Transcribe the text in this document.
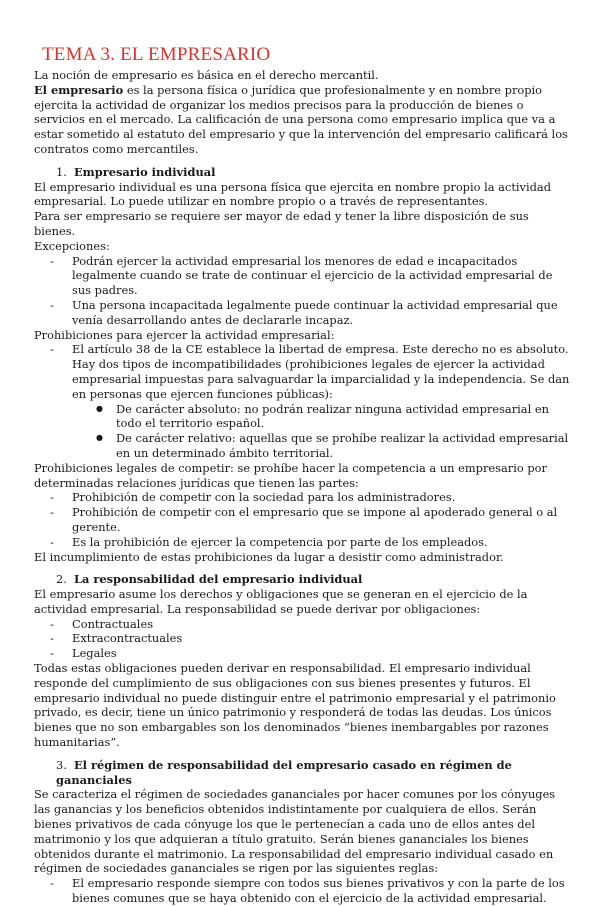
TEMA 3. EL EMPRESARIO

La noción de empresario es básica en el derecho mercantil.

El empresario es la persona física o jurídica que profesionalmente y en nombre propio ejercita la actividad de organizar los medios precisos para la producción de bienes o servicios en el mercado. La calificación de una persona como empresario implica que va a estar sometido al estatuto del empresario y que la intervención del empresario calificará los contratos como mercantiles.

1. Empresario individual

El empresario individual es una persona física que ejercita en nombre propio la actividad empresarial. Lo puede utilizar en nombre propio o a través de representantes.

Para ser empresario se requiere ser mayor de edad y tener la libre disposición de sus bienes.

Excepciones:

- Podrán ejercer la actividad empresarial los menores de edad e incapacitados legalmente cuando se trate de continuar el ejercicio de la actividad empresarial de sus padres.
- Una persona incapacitada legalmente puede continuar la actividad empresarial que venía desarrollando antes de declararle incapaz.

Prohibiciones para ejercer la actividad empresarial:

- El artículo 38 de la CE establece la libertad de empresa. Este derecho no es absoluto. Hay dos tipos de incompatibilidades (prohibiciones legales de ejercer la actividad empresarial impuestas para salvaguardar la imparcialidad y la independencia. Se dan en personas que ejercen funciones públicas):
● De carácter absoluto: no podrán realizar ninguna actividad empresarial en todo el territorio español.
● De carácter relativo: aquellas que se prohíbe realizar la actividad empresarial en un determinado ámbito territorial.

Prohibiciones legales de competir: se prohíbe hacer la competencia a un empresario por determinadas relaciones jurídicas que tienen las partes:

- Prohibición de competir con la sociedad para los administradores.
- Prohibición de competir con el empresario que se impone al apoderado general o al gerente.
- Es la prohibición de ejercer la competencia por parte de los empleados.

El incumplimiento de estas prohibiciones da lugar a desistir como administrador.

2. La responsabilidad del empresario individual

El empresario asume los derechos y obligaciones que se generan en el ejercicio de la actividad empresarial. La responsabilidad se puede derivar por obligaciones:

- Contractuales
- Extracontractuales
- Legales

Todas estas obligaciones pueden derivar en responsabilidad. El empresario individual responde del cumplimiento de sus obligaciones con sus bienes presentes y futuros. El empresario individual no puede distinguir entre el patrimonio empresarial y el patrimonio privado, es decir, tiene un único patrimonio y responderá de todas las deudas. Los únicos bienes que no son embargables son los denominados “bienes inembargables por razones humanitarias”.

3. El régimen de responsabilidad del empresario casado en régimen de gananciales

Se caracteriza el régimen de sociedades gananciales por hacer comunes por los cónyuges las ganancias y los beneficios obtenidos indistintamente por cualquiera de ellos. Serán bienes privativos de cada cónyuge los que le pertenecían a cada uno de ellos antes del matrimonio y los que adquieran a título gratuito. Serán bienes gananciales los bienes obtenidos durante el matrimonio. La responsabilidad del empresario individual casado en régimen de sociedades gananciales se rigen por las siguientes reglas:

- El empresario responde siempre con todos sus bienes privativos y con la parte de los bienes comunes que se haya obtenido con el ejercicio de la actividad empresarial.
